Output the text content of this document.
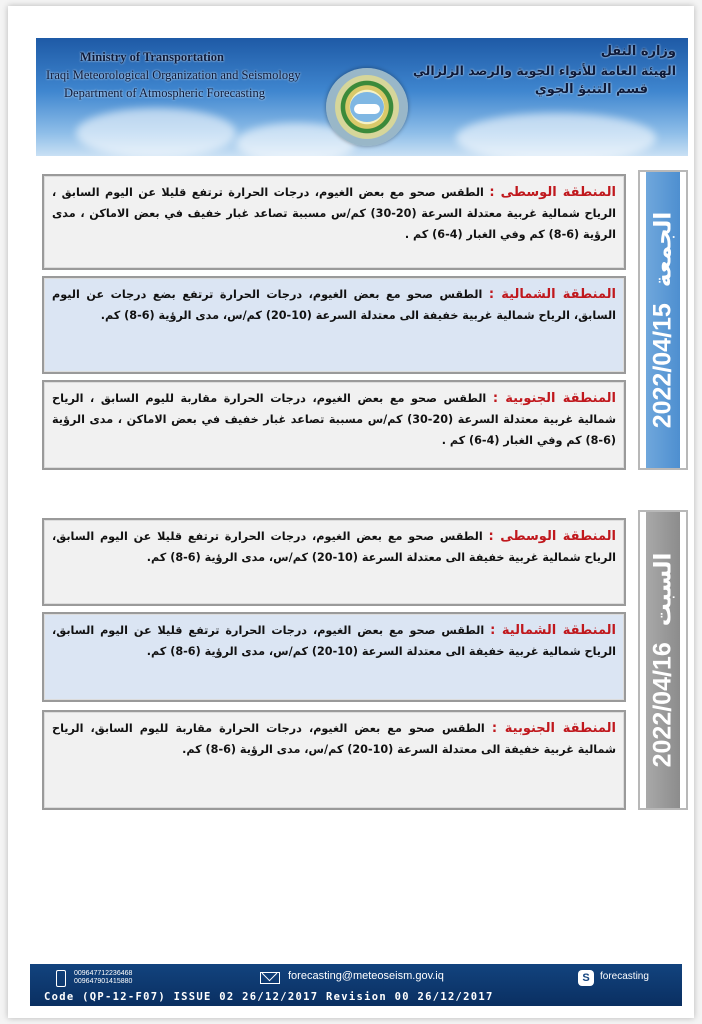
Ministry of Transportation
Iraqi Meteorological Organization and Seismology
Department of Atmospheric Forecasting
وزارة النقل
الهيئة العامة للأنواء الجوية والرصد الزلزالي
قسم التنبؤ الجوي
المنطقة الوسطى : الطقس صحو مع بعض الغيوم، درجات الحرارة ترتفع قليلا عن اليوم السابق ، الرياح شمالية غربية معتدلة السرعة (20-30) كم/س مسببة تصاعد غبار خفيف في بعض الاماكن ، مدى الرؤية (6-8) كم وفي الغبار (4-6) كم .
المنطقة الشمالية : الطقس صحو مع بعض الغيوم، درجات الحرارة ترتفع بضع درجات عن اليوم السابق، الرياح شمالية غربية خفيفة الى معتدلة السرعة (10-20) كم/س، مدى الرؤية (6-8) كم.
المنطقة الجنوبية : الطقس صحو مع بعض الغيوم، درجات الحرارة مقاربة لليوم السابق ، الرياح شمالية غربية معتدلة السرعة (20-30) كم/س مسببة تصاعد غبار خفيف في بعض الاماكن ، مدى الرؤية (6-8) كم وفي الغبار (4-6) كم .
2022/04/15
الجمعة
المنطقة الوسطى : الطقس صحو مع بعض الغيوم، درجات الحرارة ترتفع قليلا عن اليوم السابق، الرياح شمالية غربية خفيفة الى معتدلة السرعة (10-20) كم/س، مدى الرؤية (6-8) كم.
المنطقة الشمالية : الطقس صحو مع بعض الغيوم، درجات الحرارة ترتفع قليلا عن اليوم السابق، الرياح شمالية غربية خفيفة الى معتدلة السرعة (10-20) كم/س، مدى الرؤية (6-8) كم.
المنطقة الجنوبية : الطقس صحو مع بعض الغيوم، درجات الحرارة مقاربة لليوم السابق، الرياح شمالية غربية خفيفة الى معتدلة السرعة (10-20) كم/س، مدى الرؤية (6-8) كم.	2022/04/16
السبت
009647712236468
009647901415880	forecasting@meteoseism.gov.iq	S	forecasting
Code (QP-12-F07) ISSUE 02 26/12/2017 Revision 00 26/12/2017
